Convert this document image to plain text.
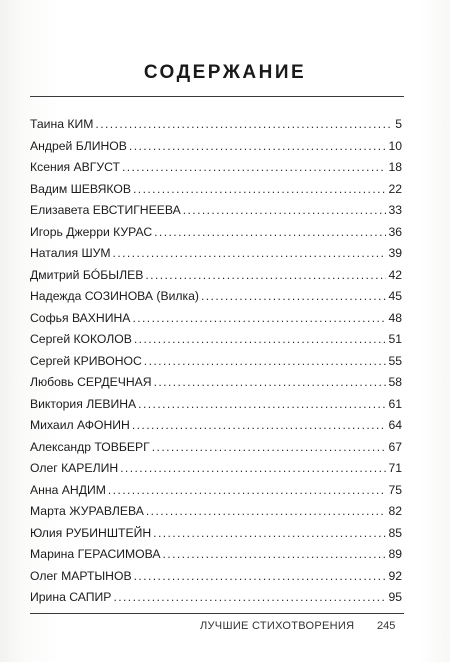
СОДЕРЖАНИЕ
Таина КИМ .....	5
Андрей БЛИНОВ .....	10
Ксения АВГУСТ .....	18
Вадим ШЕВЯКОВ .....	22
Елизавета ЕВСТИГНЕЕВА .....	33
Игорь Джерри КУРАС .....	36
Наталия ШУМ .....	39
Дмитрий БÓБЫЛЕВ .....	42
Надежда СОЗИНОВА (Вилка) .....	45
Софья ВАХНИНА .....	48
Сергей КОКОЛОВ .....	51
Сергей КРИВОНОС .....	55
Любовь СЕРДЕЧНАЯ .....	58
Виктория ЛЕВИНА .....	61
Михаил АФОНИН .....	64
Александр ТОВБЕРГ .....	67
Олег КАРЕЛИН .....	71
Анна АНДИМ .....	75
Марта ЖУРАВЛЕВА .....	82
Юлия РУБИНШТЕЙН .....	85
Марина ГЕРАСИМОВА .....	89
Олег МАРТЫНОВ .....	92
Ирина САПИР .....	95
ЛУЧШИЕ СТИХОТВОРЕНИЯ 245
